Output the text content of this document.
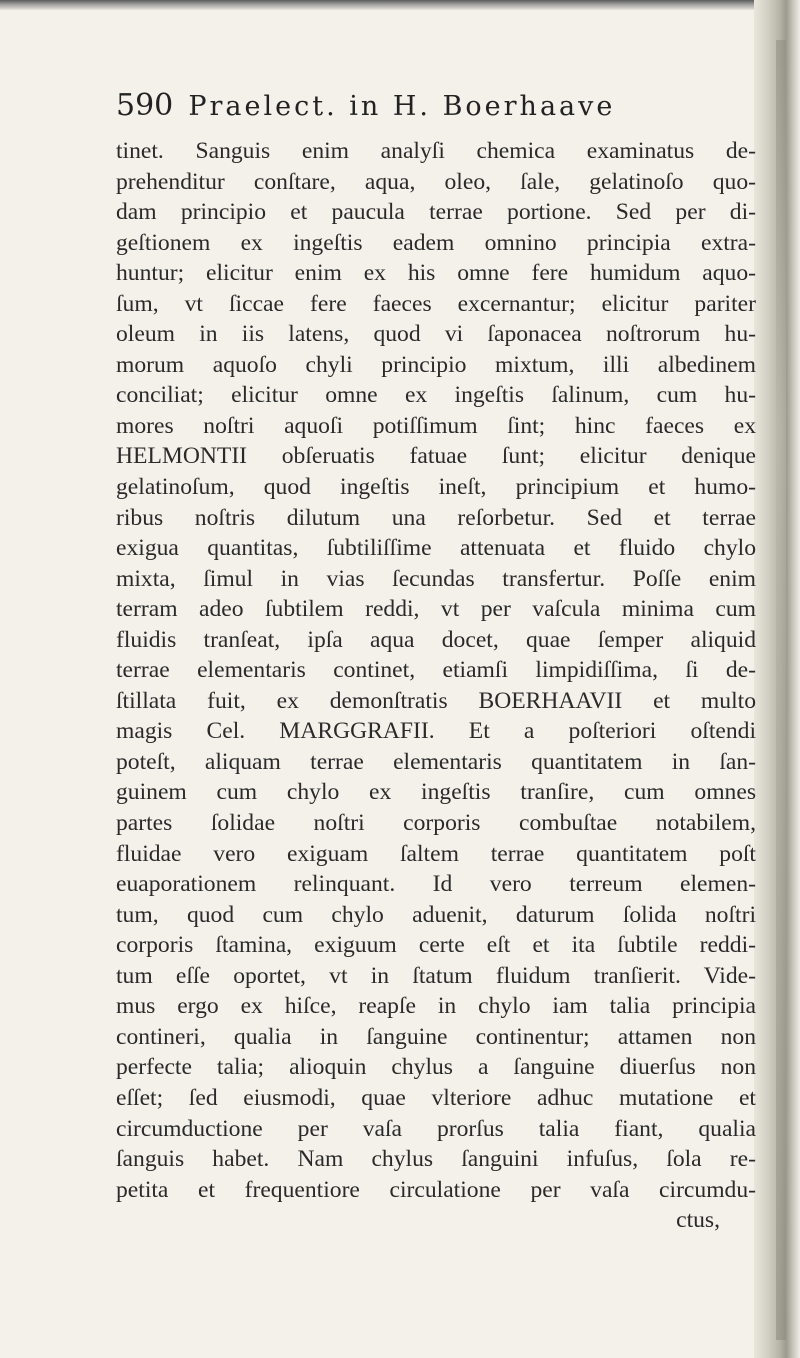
590 Praelect. in H. Boerhaave
tinet. Sanguis enim analyſi chemica examinatus de-
prehenditur conſtare, aqua, oleo, ſale, gelatinoſo quo-
dam principio et paucula terrae portione. Sed per di-
geſtionem ex ingeſtis eadem omnino principia extra-
huntur; elicitur enim ex his omne fere humidum aquo-
ſum, vt ſiccae fere faeces excernantur; elicitur pariter
oleum in iis latens, quod vi ſaponacea noſtrorum hu-
morum aquoſo chyli principio mixtum, illi albedinem
conciliat; elicitur omne ex ingeſtis ſalinum, cum hu-
mores noſtri aquoſi potiſſimum ſint; hinc faeces ex
HELMONTII obſeruatis fatuae ſunt; elicitur denique
gelatinoſum, quod ingeſtis ineſt, principium et humo-
ribus noſtris dilutum una reſorbetur. Sed et terrae
exigua quantitas, ſubtiliſſime attenuata et fluido chylo
mixta, ſimul in vias ſecundas transfertur. Poſſe enim
terram adeo ſubtilem reddi, vt per vaſcula minima cum
fluidis tranſeat, ipſa aqua docet, quae ſemper aliquid
terrae elementaris continet, etiamſi limpidiſſima, ſi de-
ſtillata fuit, ex demonſtratis BOERHAAVII et multo
magis Cel. MARGGRAFII. Et a poſteriori oſtendi
poteſt, aliquam terrae elementaris quantitatem in ſan-
guinem cum chylo ex ingeſtis tranſire, cum omnes
partes ſolidae noſtri corporis combuſtae notabilem,
fluidae vero exiguam ſaltem terrae quantitatem poſt
euaporationem relinquant. Id vero terreum elemen-
tum, quod cum chylo aduenit, daturum ſolida noſtri
corporis ſtamina, exiguum certe eſt et ita ſubtile reddi-
tum eſſe oportet, vt in ſtatum fluidum tranſierit. Vide-
mus ergo ex hiſce, reapſe in chylo iam talia principia
contineri, qualia in ſanguine continentur; attamen non
perfecte talia; alioquin chylus a ſanguine diuerſus non
eſſet; ſed eiusmodi, quae vlteriore adhuc mutatione et
circumductione per vaſa prorſus talia fiant, qualia
ſanguis habet. Nam chylus ſanguini infuſus, ſola re-
petita et frequentiore circulatione per vaſa circumdu-
ctus,
